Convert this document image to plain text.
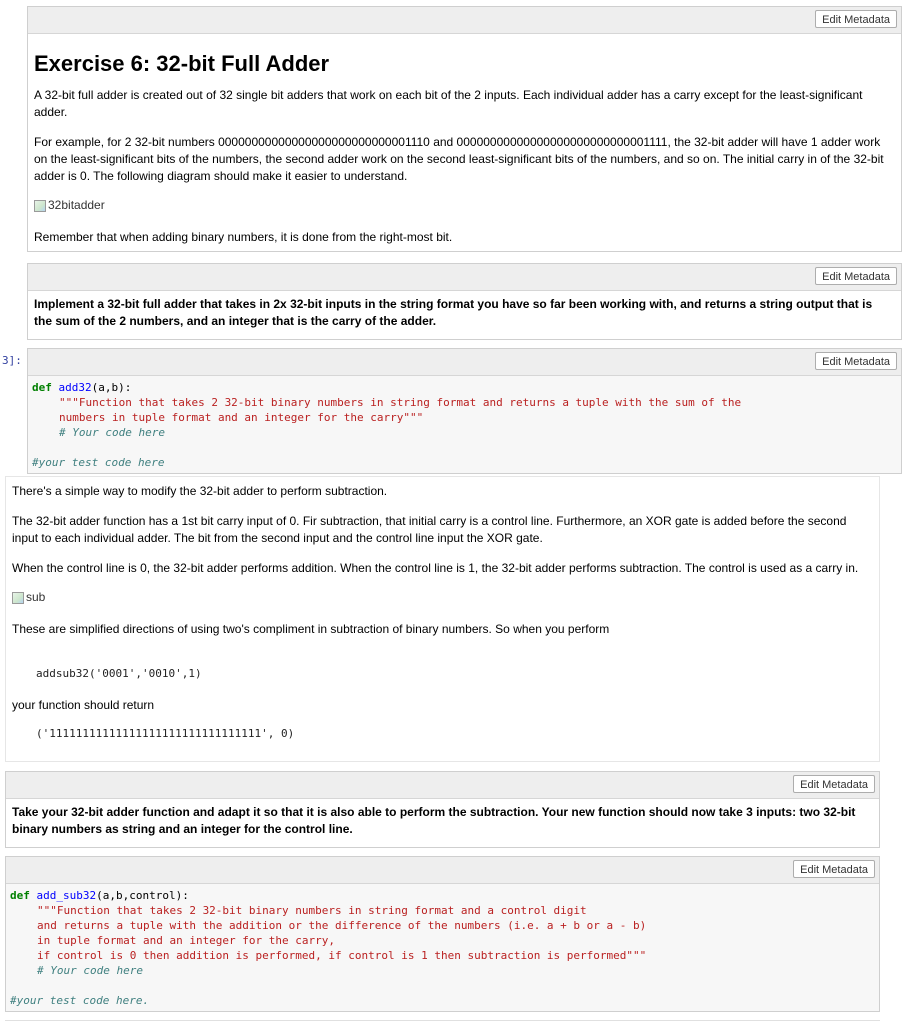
Edit Metadata
Exercise 6: 32-bit Full Adder

A 32-bit full adder is created out of 32 single bit adders that work on each bit of the 2 inputs. Each individual adder has a carry except for the least-significant adder.

For example, for 2 32-bit numbers 00000000000000000000000000001110 and 00000000000000000000000000001111, the 32-bit adder will have 1 adder work on the least-significant bits of the numbers, the second adder work on the second least-significant bits of the numbers, and so on. The initial carry in of the 32-bit adder is 0. The following diagram should make it easier to understand.

32bitadder

Remember that when adding binary numbers, it is done from the right-most bit.

Edit Metadata
Implement a 32-bit full adder that takes in 2x 32-bit inputs in the string format you have so far been working with, and returns a string output that is the sum of the 2 numbers, and an integer that is the carry of the adder.
3]:	Edit Metadata
def add32(a,b):
"""Function that takes 2 32-bit binary numbers in string format and returns a tuple with the sum of the
numbers in tuple format and an integer for the carry"""
# Your code here
#your test code here

There's a simple way to modify the 32-bit adder to perform subtraction.

The 32-bit adder function has a 1st bit carry input of 0. Fir subtraction, that initial carry is a control line. Furthermore, an XOR gate is added before the second input to each individual adder. The bit from the second input and the control line input the XOR gate.

When the control line is 0, the 32-bit adder performs addition. When the control line is 1, the 32-bit adder performs subtraction. The control is used as a carry in.

sub

These are simplified directions of using two's compliment in subtraction of binary numbers. So when you perform

addsub32('0001','0010',1)
your function should return
('11111111111111111111111111111111', 0)
Edit Metadata
Take your 32-bit adder function and adapt it so that it is also able to perform the subtraction. Your new function should now take 3 inputs: two 32-bit binary numbers as string and an integer for the control line.
Edit Metadata
def add_sub32(a,b,control):
"""Function that takes 2 32-bit binary numbers in string format and a control digit
and returns a tuple with the addition or the difference of the numbers (i.e. a + b or a - b)
in tuple format and an integer for the carry,
if control is 0 then addition is performed, if control is 1 then subtraction is performed"""
# Your code here
#your test code here.
